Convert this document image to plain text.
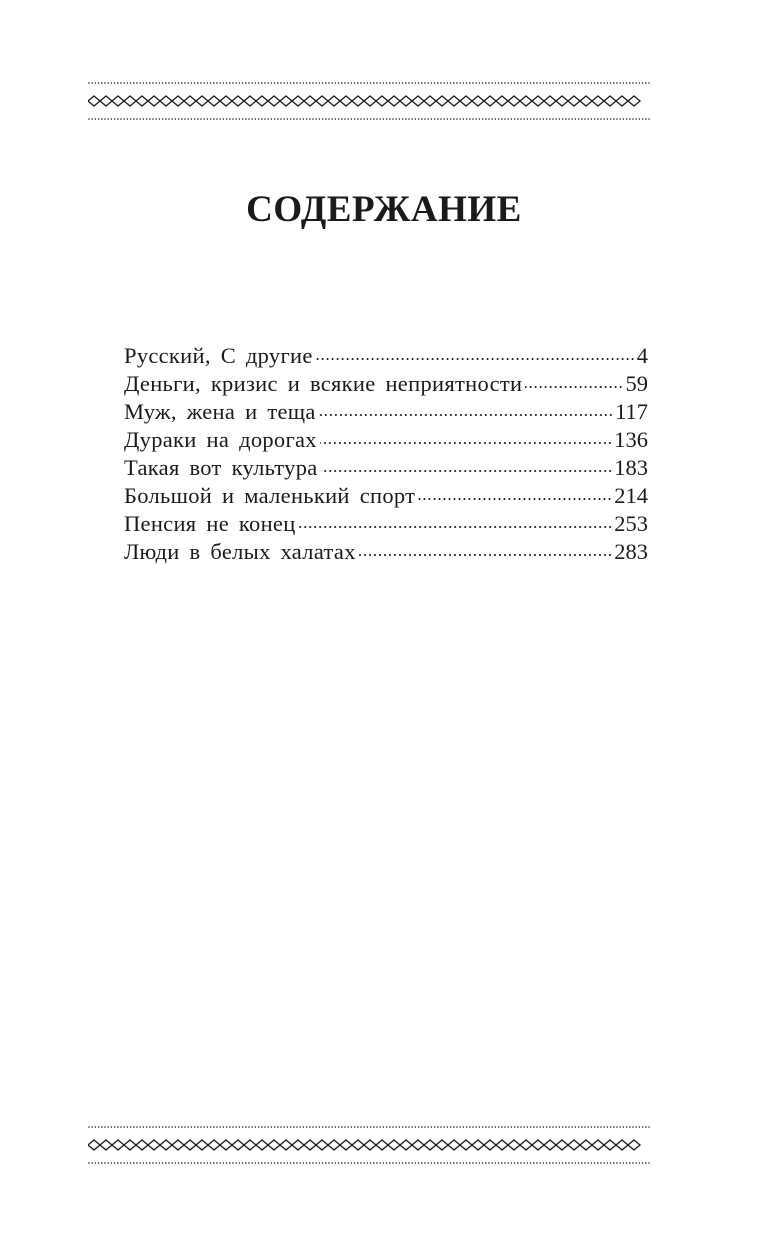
СОДЕРЖАНИЕ
Русский, С другие	4
Деньги, кризис и всякие неприятности	59
Муж, жена и теща	117
Дураки на дорогах	136
Такая вот культура	183
Большой и маленький спорт	214
Пенсия не конец	253
Люди в белых халатах	283
